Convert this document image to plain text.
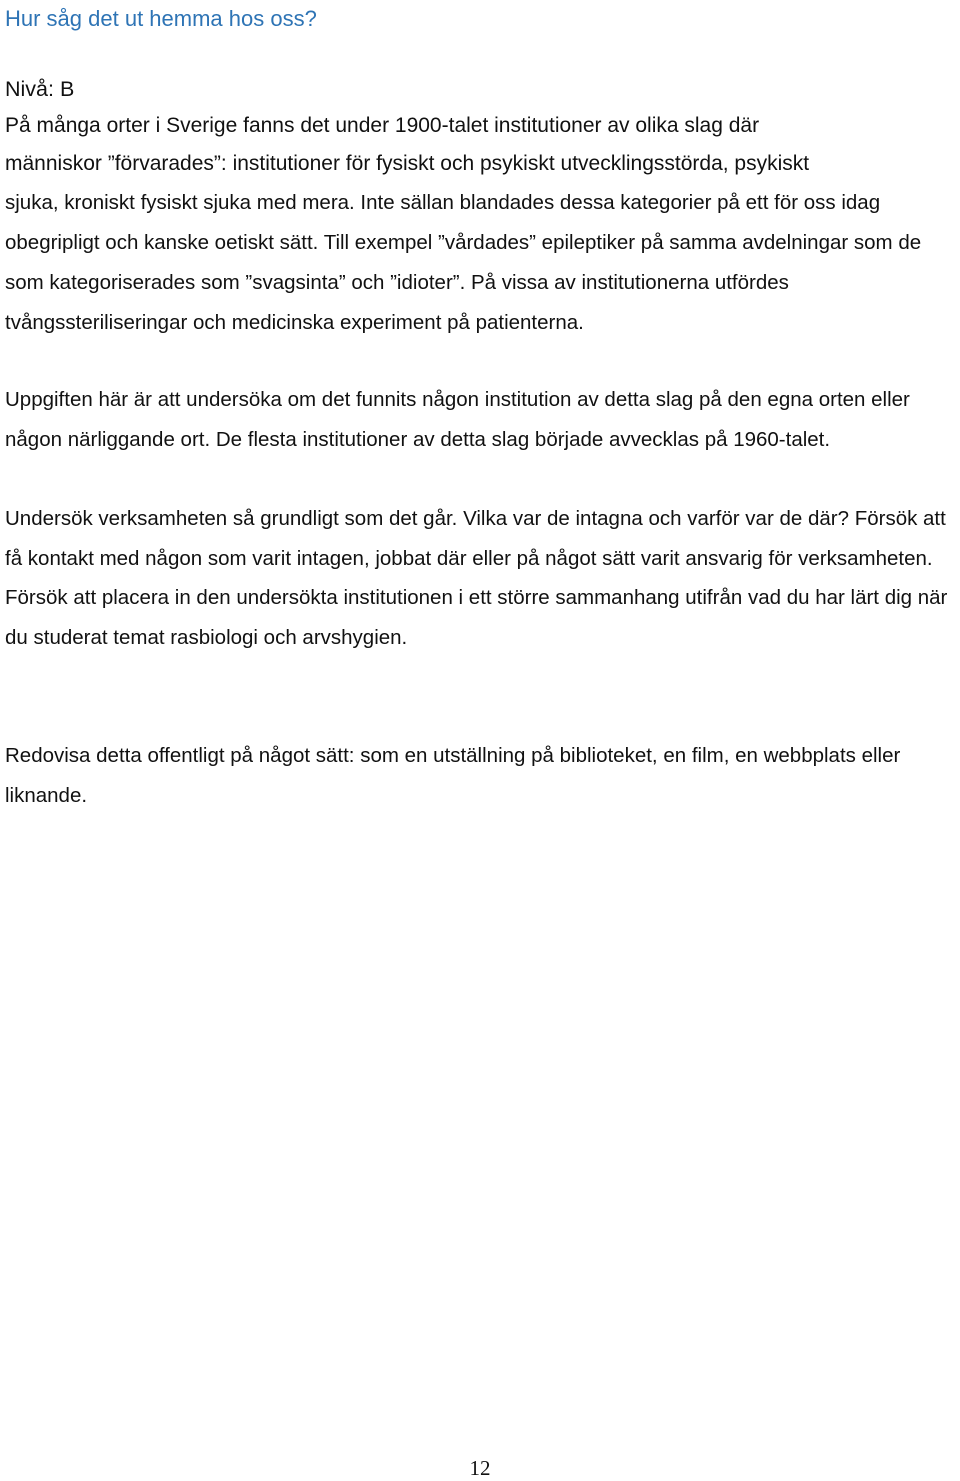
Hur såg det ut hemma hos oss?
Nivå: B

På många orter i Sverige fanns det under 1900-talet institutioner av olika slag där
människor ”förvarades”: institutioner för fysiskt och psykiskt utvecklingsstörda, psykiskt
sjuka, kroniskt fysiskt sjuka med mera. Inte sällan blandades dessa kategorier på ett för oss idag obegripligt och kanske oetiskt sätt. Till exempel ”vårdades” epileptiker på samma avdelningar som de som kategoriserades som ”svagsinta” och ”idioter”. På vissa av institutionerna utfördes tvångssteriliseringar och medicinska experiment på patienterna.

Uppgiften här är att undersöka om det funnits någon institution av detta slag på den egna orten eller någon närliggande ort. De flesta institutioner av detta slag började avvecklas på 1960-talet.

Undersök verksamheten så grundligt som det går. Vilka var de intagna och varför var de där? Försök att få kontakt med någon som varit intagen, jobbat där eller på något sätt varit ansvarig för verksamheten. Försök att placera in den undersökta institutionen i ett större sammanhang utifrån vad du har lärt dig när du studerat temat rasbiologi och arvshygien.

Redovisa detta offentligt på något sätt: som en utställning på biblioteket, en film, en webbplats eller liknande.

12
